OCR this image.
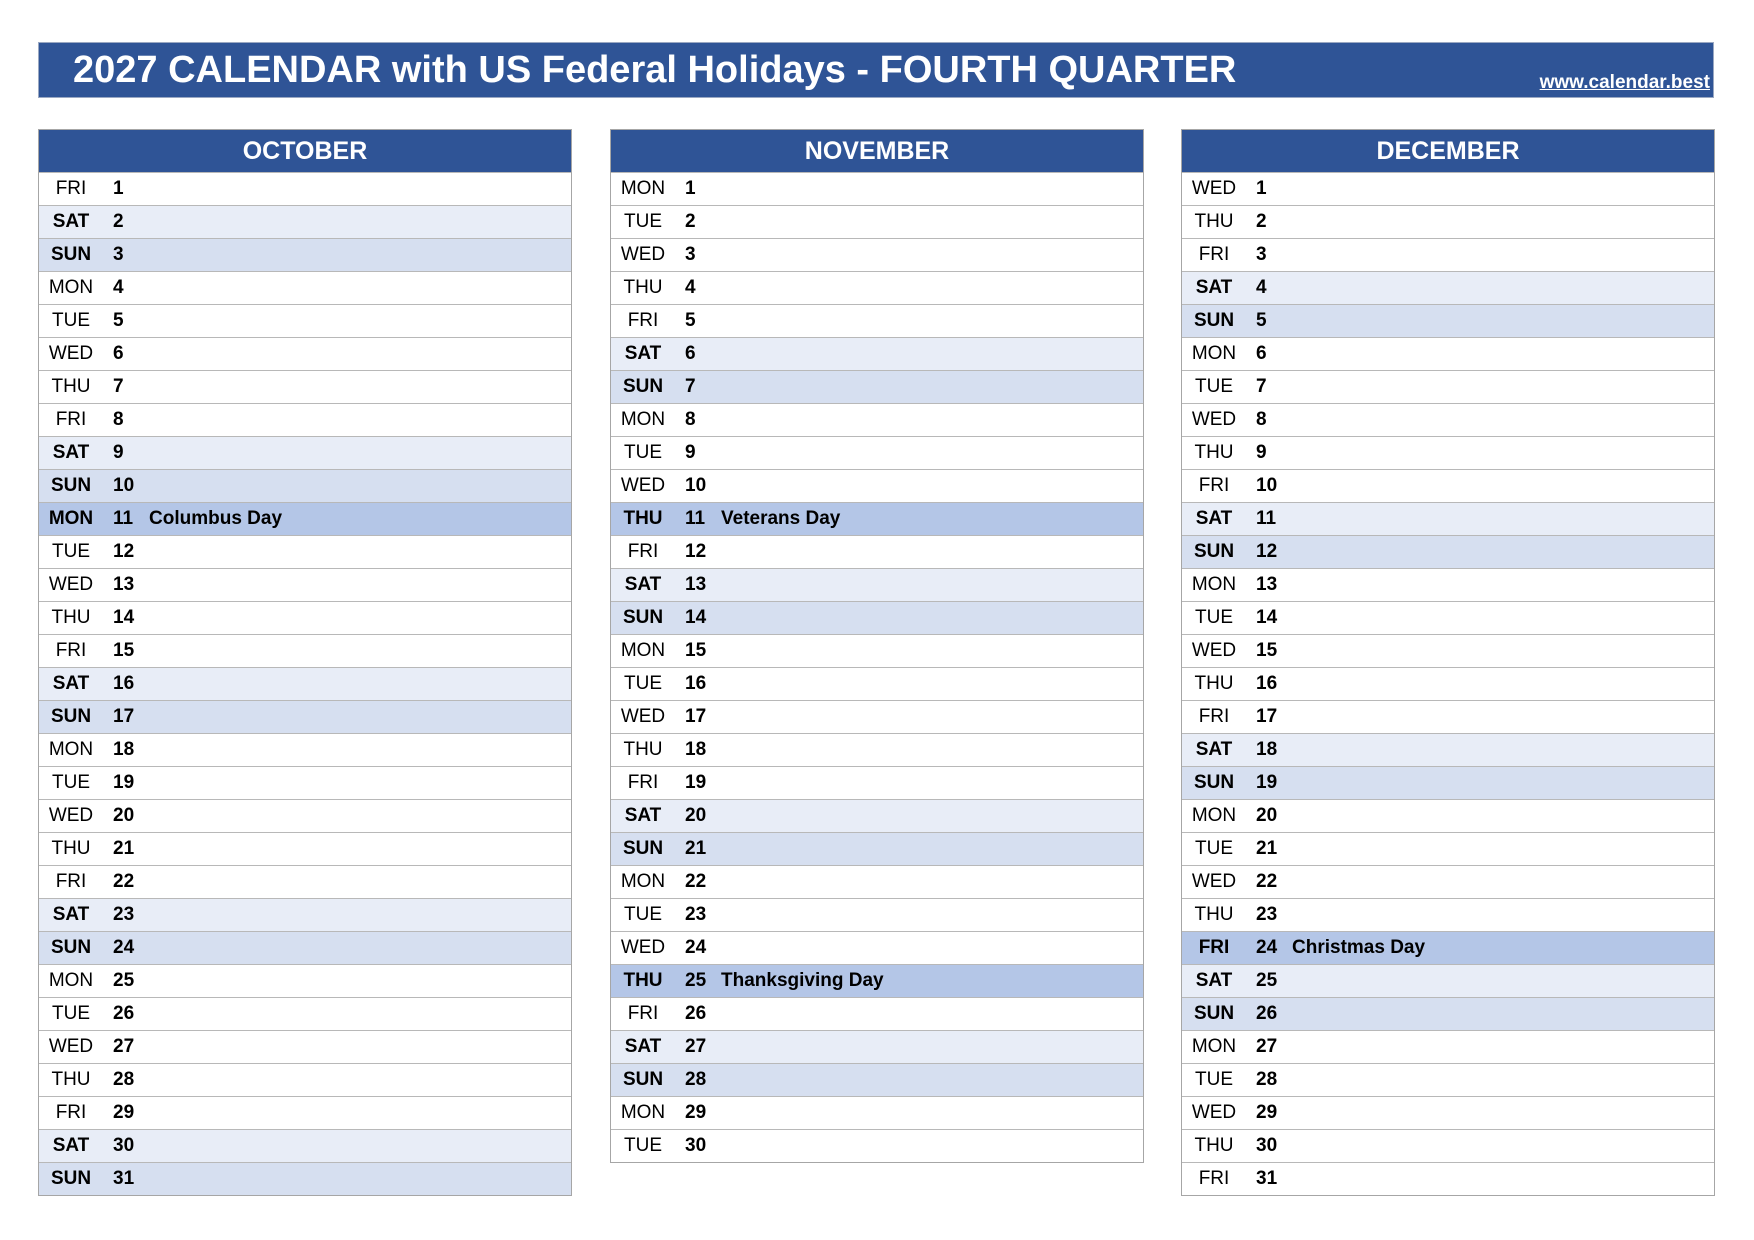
2027 CALENDAR with US Federal Holidays - FOURTH QUARTER	www.calendar.best
OCTOBER
FRI	1
SAT	2
SUN	3
MON	4
TUE	5
WED	6
THU	7
FRI	8
SAT	9
SUN	10
MON	11 Columbus Day
TUE	12
WED	13
THU	14
FRI	15
SAT	16
SUN	17
MON	18
TUE	19
WED	20
THU	21
FRI	22
SAT	23
SUN	24
MON	25
TUE	26
WED	27
THU	28
FRI	29
SAT	30
SUN	31
NOVEMBER
MON	1
TUE	2
WED	3
THU	4
FRI	5
SAT	6
SUN	7
MON	8
TUE	9
WED	10
THU	11 Veterans Day
FRI	12
SAT	13
SUN	14
MON	15
TUE	16
WED	17
THU	18
FRI	19
SAT	20
SUN	21
MON	22
TUE	23
WED	24
THU	25 Thanksgiving Day
FRI	26
SAT	27
SUN	28
MON	29
TUE	30
DECEMBER
WED	1
THU	2
FRI	3
SAT	4
SUN	5
MON	6
TUE	7
WED	8
THU	9
FRI	10
SAT	11
SUN	12
MON	13
TUE	14
WED	15
THU	16
FRI	17
SAT	18
SUN	19
MON	20
TUE	21
WED	22
THU	23
FRI	24 Christmas Day
SAT	25
SUN	26
MON	27
TUE	28
WED	29
THU	30
FRI	31
